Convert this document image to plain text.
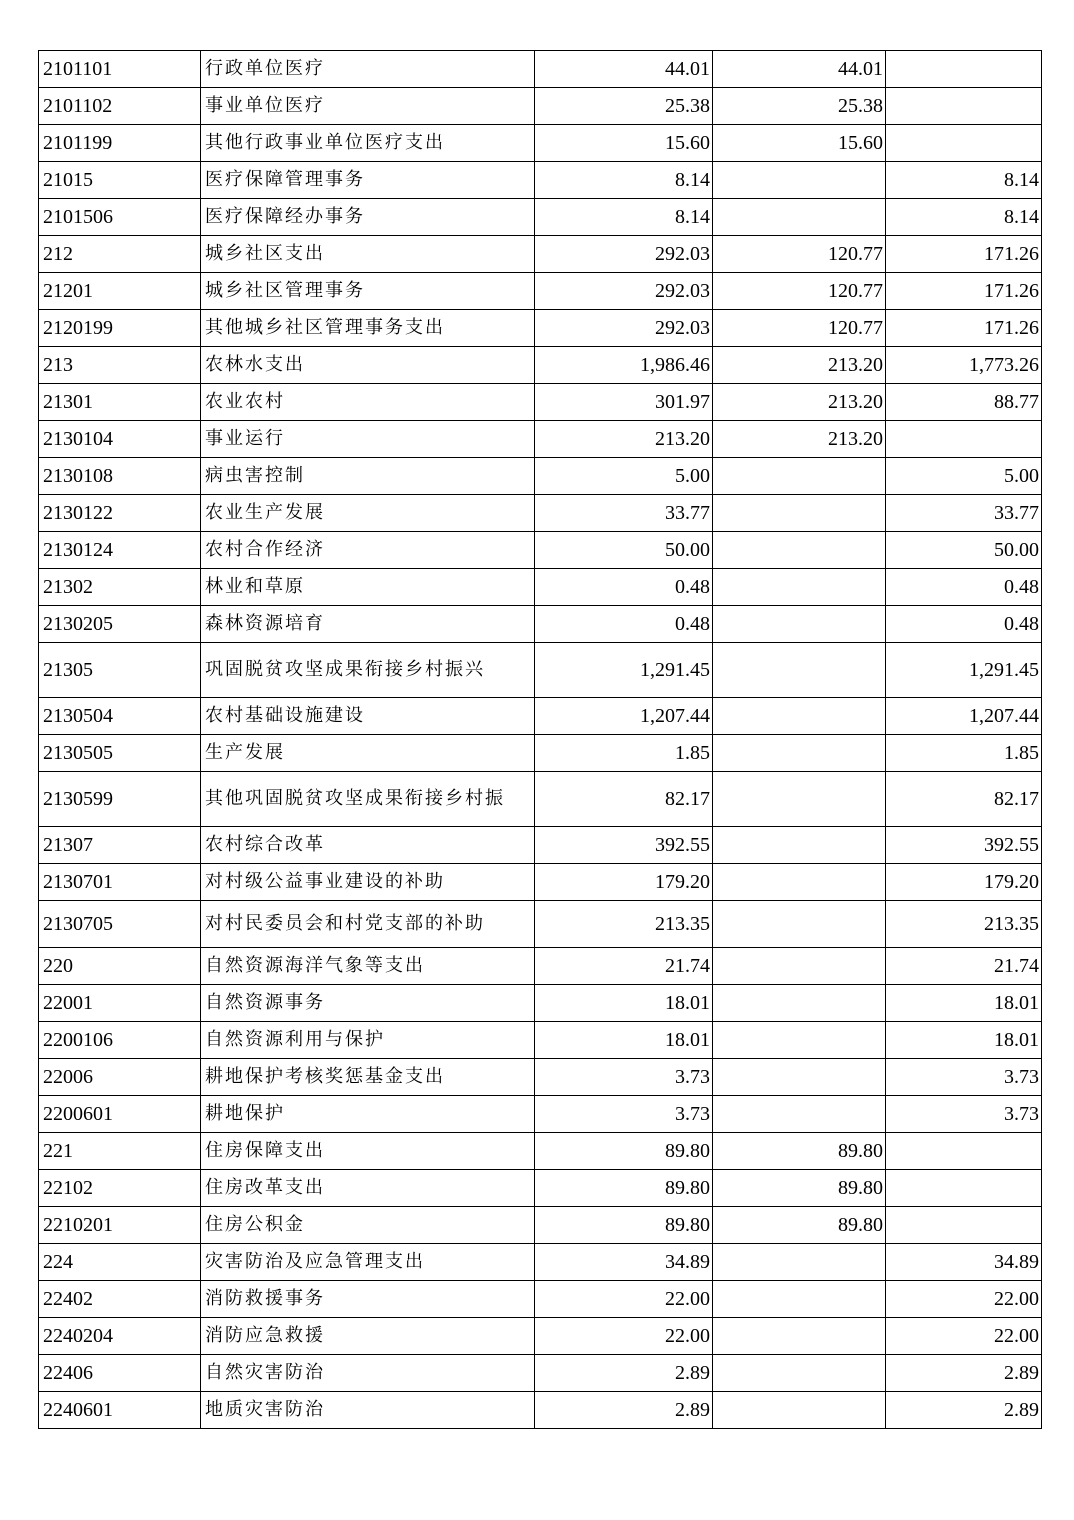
2101101	行政单位医疗	44.01	44.01	
2101102	事业单位医疗	25.38	25.38	
2101199	其他行政事业单位医疗支出	15.60	15.60	
21015	医疗保障管理事务	8.14		8.14
2101506	医疗保障经办事务	8.14		8.14
212	城乡社区支出	292.03	120.77	171.26
21201	城乡社区管理事务	292.03	120.77	171.26
2120199	其他城乡社区管理事务支出	292.03	120.77	171.26
213	农林水支出	1,986.46	213.20	1,773.26
21301	农业农村	301.97	213.20	88.77
2130104	事业运行	213.20	213.20	
2130108	病虫害控制	5.00		5.00
2130122	农业生产发展	33.77		33.77
2130124	农村合作经济	50.00		50.00
21302	林业和草原	0.48		0.48
2130205	森林资源培育	0.48		0.48
21305	巩固脱贫攻坚成果衔接乡村振兴	1,291.45		1,291.45
2130504	农村基础设施建设	1,207.44		1,207.44
2130505	生产发展	1.85		1.85
2130599	其他巩固脱贫攻坚成果衔接乡村振	82.17		82.17
21307	农村综合改革	392.55		392.55
2130701	对村级公益事业建设的补助	179.20		179.20
2130705	对村民委员会和村党支部的补助	213.35		213.35
220	自然资源海洋气象等支出	21.74		21.74
22001	自然资源事务	18.01		18.01
2200106	自然资源利用与保护	18.01		18.01
22006	耕地保护考核奖惩基金支出	3.73		3.73
2200601	耕地保护	3.73		3.73
221	住房保障支出	89.80	89.80	
22102	住房改革支出	89.80	89.80	
2210201	住房公积金	89.80	89.80	
224	灾害防治及应急管理支出	34.89		34.89
22402	消防救援事务	22.00		22.00
2240204	消防应急救援	22.00		22.00
22406	自然灾害防治	2.89		2.89
2240601	地质灾害防治	2.89		2.89
